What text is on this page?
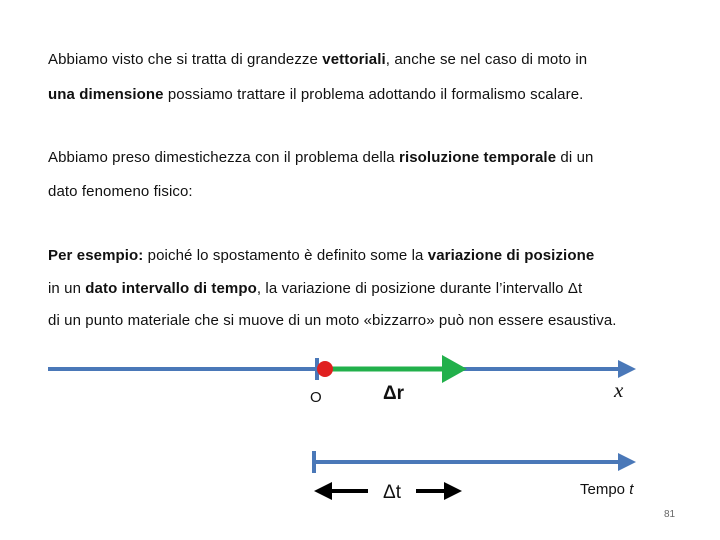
Abbiamo visto che si tratta di grandezze vettoriali, anche se nel caso di moto in

una dimensione possiamo trattare il problema adottando il formalismo scalare.

Abbiamo preso dimestichezza con il problema della risoluzione temporale di un

dato fenomeno fisico:

Per esempio: poiché lo spostamento è definito some la variazione di posizione

in un dato intervallo di tempo, la variazione di posizione durante l’intervallo Δt

di un punto materiale che si muove di un moto «bizzarro» può non essere esaustiva.

O	Δr	x
Δt	Tempo t
81
